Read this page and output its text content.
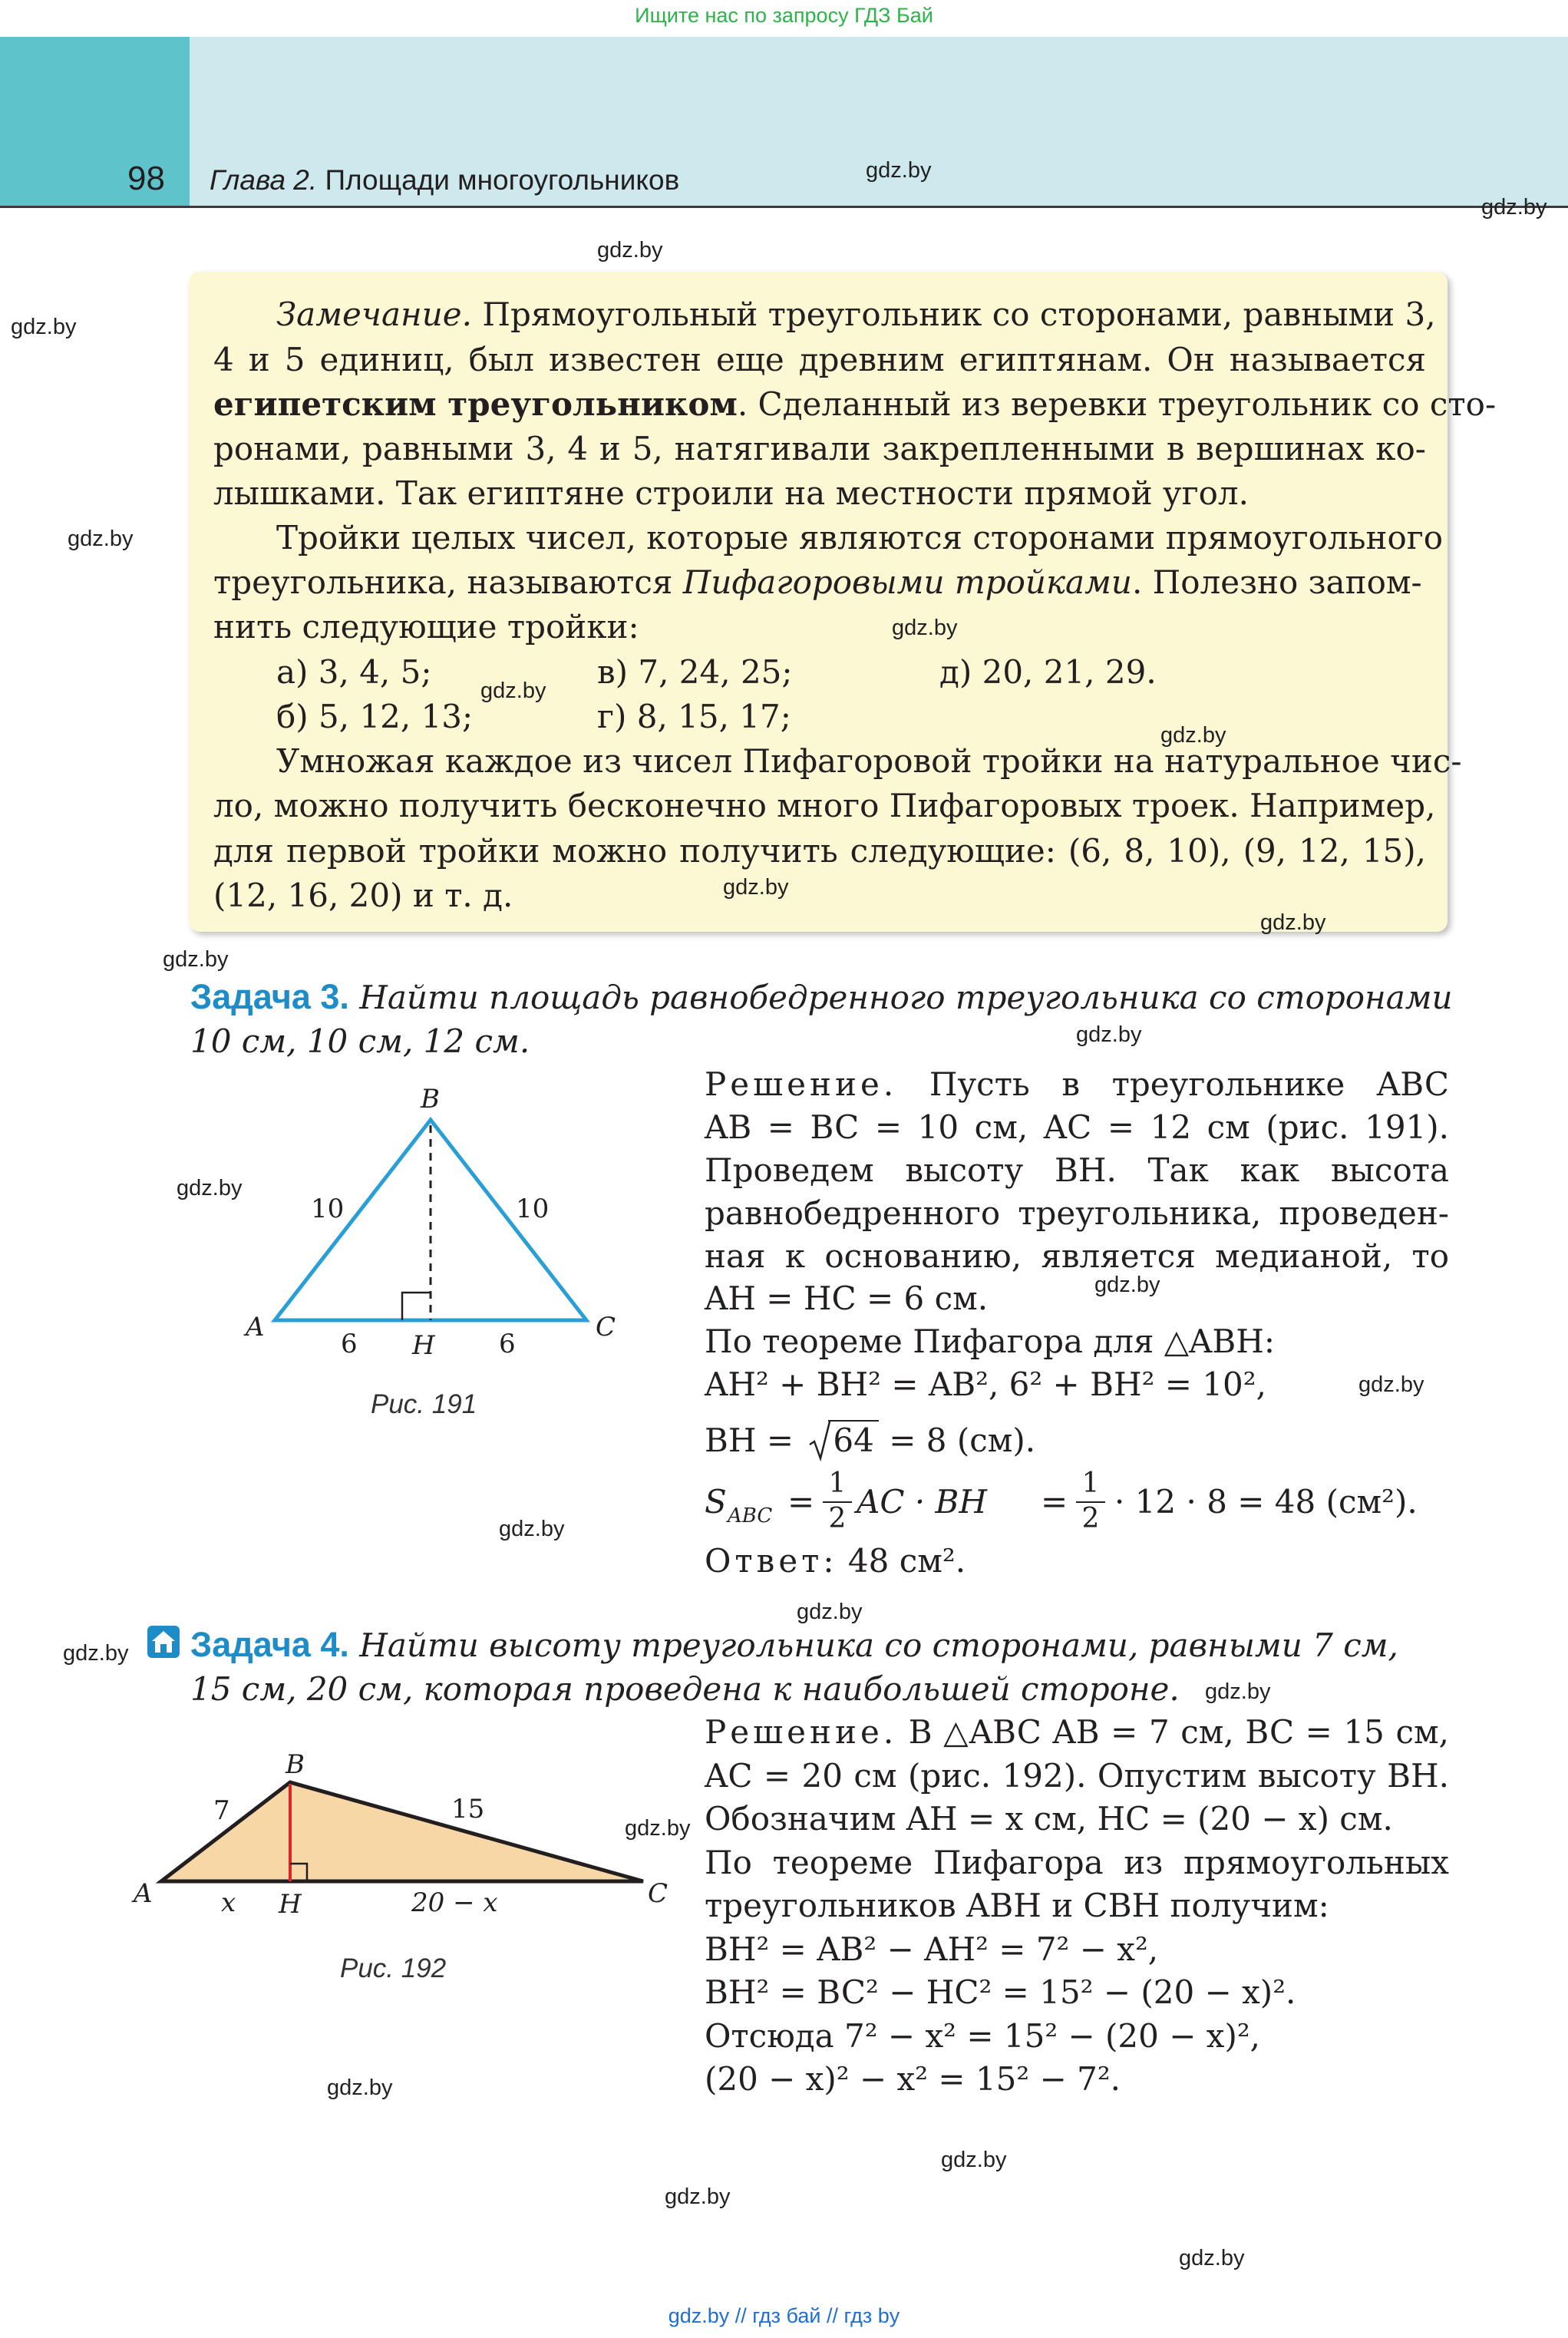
Ищите нас по запросу ГДЗ Бай
98 Глава 2. Площади многоугольников
Замечание. Прямоугольный треугольник со сторонами, равными 3,
4 и 5 единиц, был известен еще древним египтянам. Он называется
египетским треугольником. Сделанный из веревки треугольник со сто-
ронами, равными 3, 4 и 5, натягивали закрепленными в вершинах ко-
лышками. Так египтяне строили на местности прямой угол.
Тройки целых чисел, которые являются сторонами прямоугольного
треугольника, называются Пифагоровыми тройками. Полезно запом-
нить следующие тройки:
а) 3, 4, 5;	в) 7, 24, 25;	д) 20, 21, 29.
б) 5, 12, 13;	г) 8, 15, 17;
Умножая каждое из чисел Пифагоровой тройки на натуральное чис-
ло, можно получить бесконечно много Пифагоровых троек. Например,
для первой тройки можно получить следующие: (6, 8, 10), (9, 12, 15),
(12, 16, 20) и т. д.
Задача 3. Найти площадь равнобедренного треугольника со сторонами
10 см, 10 см, 12 см.
B
A	C
H
10	10
6	6
Рис. 191
Решение. Пусть в треугольнике ABC
AB = BC = 10 см, AC = 12 см (рис. 191).
Проведем высоту BH. Так как высота
равнобедренного треугольника, проведен-
ная к основанию, является медианой, то
AH = HC = 6 см.
По теореме Пифагора для △ABH:
AH² + BH² = AB², 6² + BH² = 10²,
BH = 64 = 8 (см).
S ABC = 1
2 AC · BH = 1
2 · 12 · 8 = 48 (см²).
Ответ: 48 см².
Задача 4. Найти высоту треугольника со сторонами, равными 7 см,
15 см, 20 см, которая проведена к наибольшей стороне.
B
A	C
H
7	15
x	20 − x
Рис. 192
Решение. В △ABC AB = 7 см, BC = 15 см,
AC = 20 см (рис. 192). Опустим высоту BH.
Обозначим AH = x см, HC = (20 − x) см.
По теореме Пифагора из прямоугольных
треугольников ABH и CBH получим:
BH² = AB² − AH² = 7² − x²,
BH² = BC² − HC² = 15² − (20 − x)².
Отсюда 7² − x² = 15² − (20 − x)²,
(20 − x)² − x² = 15² − 7².
gdz.by
gdz.by
gdz.by
gdz.by
gdz.by
gdz.by
gdz.by
gdz.by
gdz.by
gdz.by
gdz.by
gdz.by
gdz.by
gdz.by
gdz.by
gdz.by
gdz.by
gdz.by
gdz.by
gdz.by
gdz.by
gdz.by
gdz.by
gdz.by
gdz.by // гдз бай // гдз by
